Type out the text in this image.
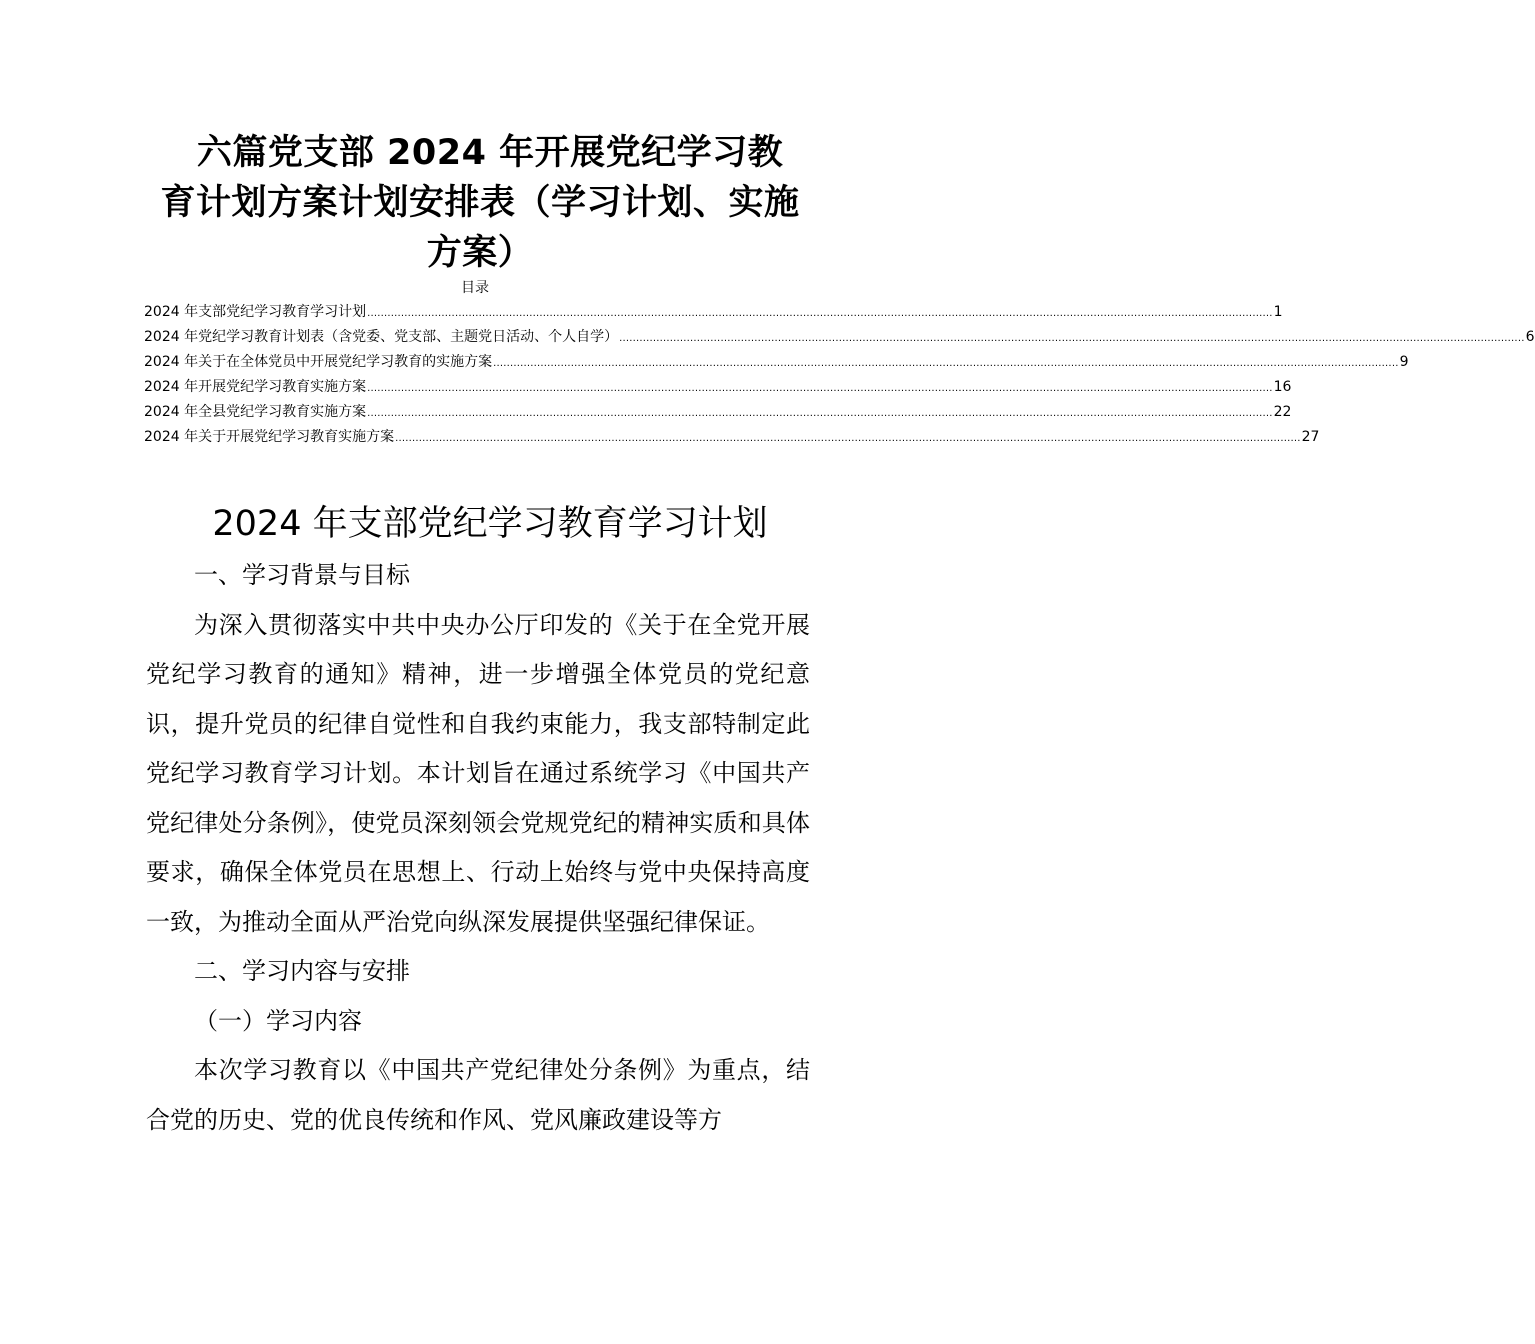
六篇党支部 2024 年开展党纪学习教
育计划方案计划安排表（学习计划、实施
方案）
目录
2024 年支部党纪学习教育学习计划 ............................................................................................................................................................................................................................................................................ 1
2024 年党纪学习教育计划表（含党委、党支部、主题党日活动、个人自学） ............................................................................................................................................................................................................................................................................ 6
2024 年关于在全体党员中开展党纪学习教育的实施方案 ............................................................................................................................................................................................................................................................................ 9
2024 年开展党纪学习教育实施方案 ............................................................................................................................................................................................................................................................................ 16
2024 年全县党纪学习教育实施方案 ............................................................................................................................................................................................................................................................................ 22
2024 年关于开展党纪学习教育实施方案 ............................................................................................................................................................................................................................................................................ 27
2024 年支部党纪学习教育学习计划
一、学习背景与目标
为深入贯彻落实中共中央办公厅印发的《关于在全党开展党纪学习教育的通知》精神，进一步增强全体党员的党纪意识，提升党员的纪律自觉性和自我约束能力，我支部特制定此党纪学习教育学习计划。本计划旨在通过系统学习《中国共产党纪律处分条例》，使党员深刻领会党规党纪的精神实质和具体要求，确保全体党员在思想上、行动上始终与党中央保持高度一致，为推动全面从严治党向纵深发展提供坚强纪律保证。
二、学习内容与安排
（一）学习内容
本次学习教育以《中国共产党纪律处分条例》为重点，结合党的历史、党的优良传统和作风、党风廉政建设等方
